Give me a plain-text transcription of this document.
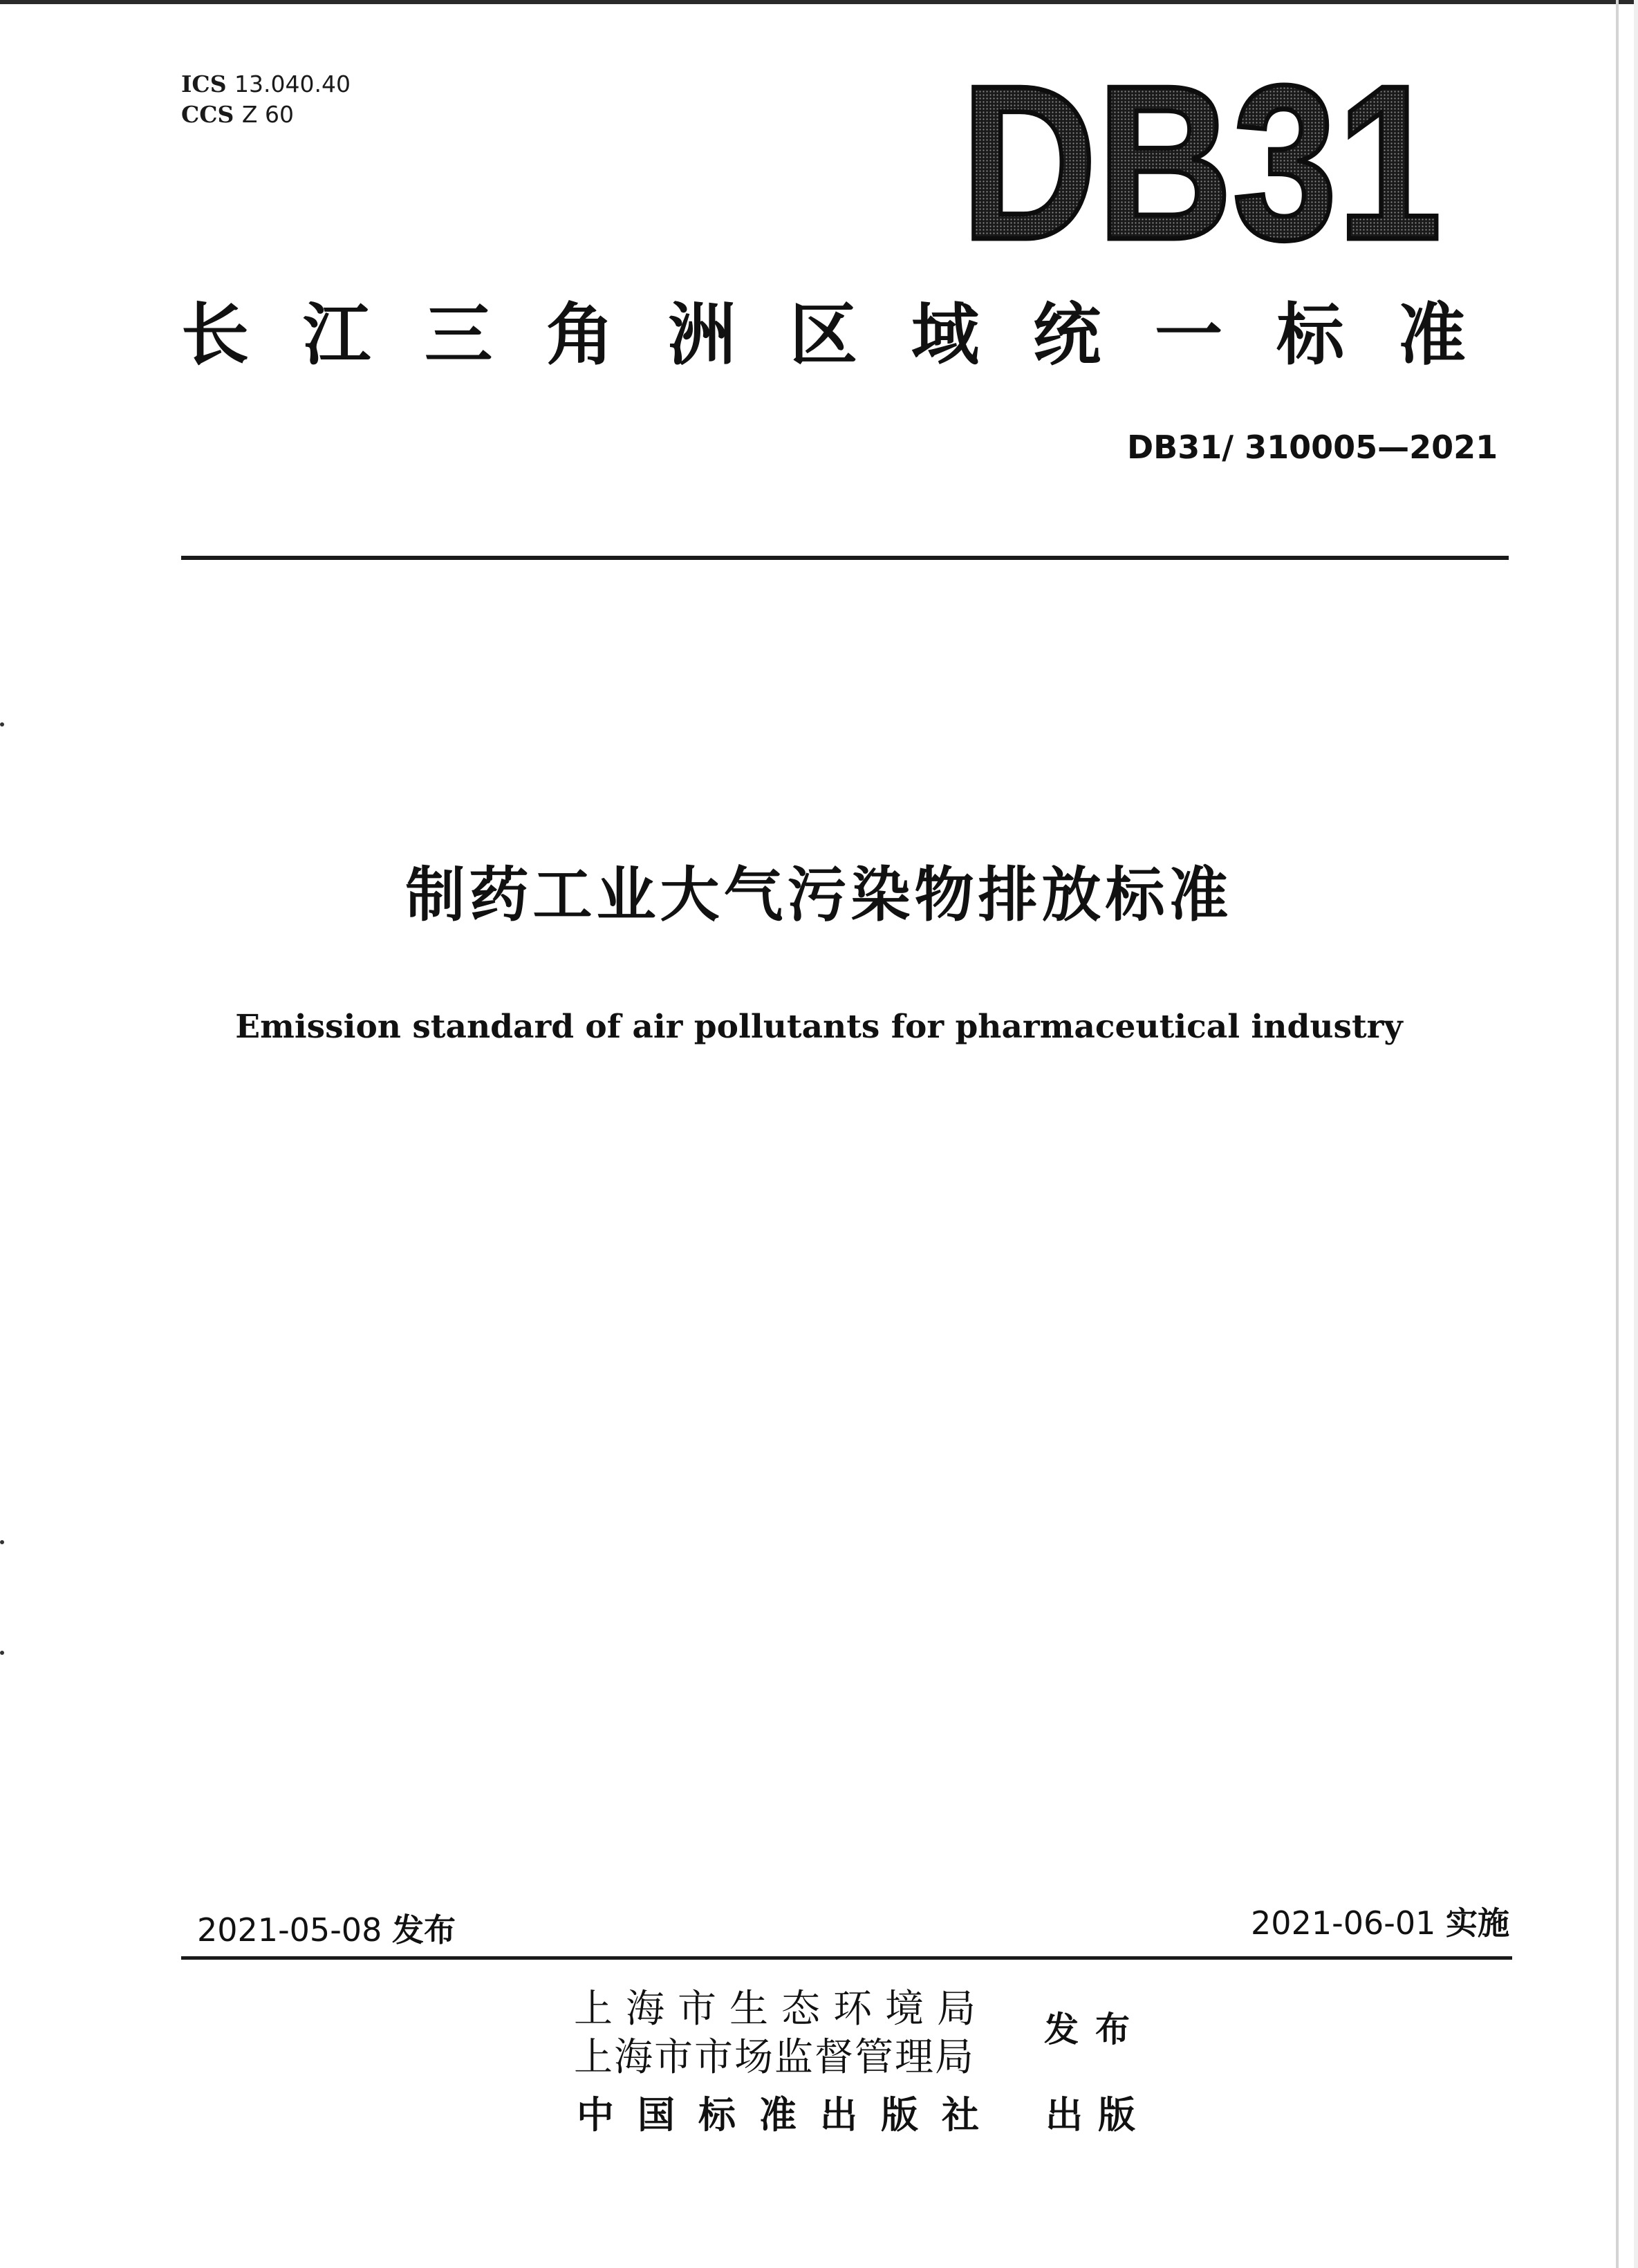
ICS 13.040.40
CCS Z 60	DB31
长江三角洲区域统一标准
DB31/ 310005—2021
制药工业大气污染物排放标准
Emission standard of air pollutants for pharmaceutical industry
2021-05-08 发布	2021-06-01 实施
上海市生态环境局
上海市市场监督管理局
发布
中国标准出版社 出版
